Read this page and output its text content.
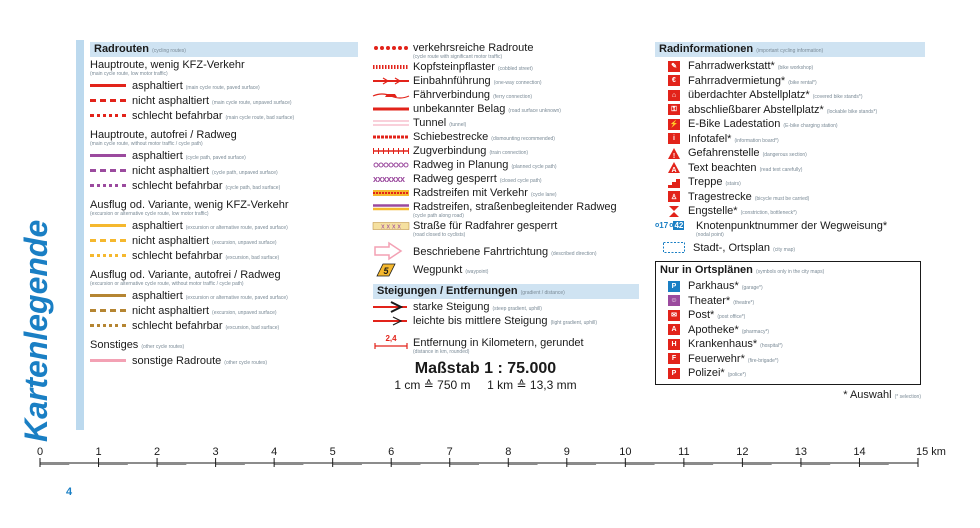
Kartenlegende
Radrouten (cycling routes)
Hauptroute, wenig KFZ-Verkehr
(main cycle route, low motor traffic)
asphaltiert (main cycle route, paved surface)
nicht asphaltiert (main cycle route, unpaved surface)
schlecht befahrbar (main cycle route, bad surface)
Hauptroute, autofrei / Radweg
(main cycle route, without motor traffic / cycle path)
asphaltiert (cycle path, paved surface)
nicht asphaltiert (cycle path, unpaved surface)
schlecht befahrbar (cycle path, bad surface)
Ausflug od. Variante, wenig KFZ-Verkehr
(excursion or alternative cycle route, low motor traffic)
asphaltiert (excursion or alternative route, paved surface)
nicht asphaltiert (excursion, unpaved surface)
schlecht befahrbar (excursion, bad surface)
Ausflug od. Variante, autofrei / Radweg
(excursion or alternative cycle route, without motor traffic / cycle path)
asphaltiert (excursion or alternative route, paved surface)
nicht asphaltiert (excursion, unpaved surface)
schlecht befahrbar (excursion, bad surface)
Sonstiges (other cycle routes)
sonstige Radroute (other cycle routes)
verkehrsreiche Radroute
(cycle route with significant motor traffic)
Kopfsteinpflaster (cobbled street)
Einbahnführung (one-way connection)
Fährverbindung (ferry connection)
unbekannter Belag (road surface unknown)
Tunnel (tunnel)
Schiebestrecke (dismounting recommended)
Zugverbindung (train connection)
Radweg in Planung (planned cycle path)
xxxxxxx Radweg gesperrt (closed cycle path)
Radstreifen mit Verkehr (cycle lane)
Radstreifen, straßenbegleitender Radweg
(cycle path along road)
x x x x Straße für Radfahrer gesperrt
(road closed to cyclists)
Beschriebene Fahrtrichtung (described direction)
5 Wegpunkt (waypoint)
Steigungen / Entfernungen (gradient / distance)
starke Steigung (steep gradient, uphill)
leichte bis mittlere Steigung (light gradient, uphill)
2,4 Entfernung in Kilometern, gerundet
(distance in km, rounded)
Maßstab 1 : 75.000
1 cm ≙ 750 m     1 km ≙ 13,3 mm
Radinformationen (important cycling information)
✎ Fahrradwerkstatt* (bike workshop)
€	Fahrradvermietung* (bike rental*)
⌂	überdachter Abstellplatz* (covered bike stands*)
⚿	abschließbarer Abstellplatz* (lockable bike stands*)
⚡ E-Bike Ladestation (E-bike charging station)
i	Infotafel* (information board*)
! Gefahrenstelle (dangerous section)
A Text beachten (read text carefully)
Treppe (stairs)
♙ Tragestrecke (bicycle must be carried)
Engstelle* (constriction, bottleneck*)
o 17 o 42 Knotenpunktnummer der Wegweisung*
(nodal point)
Stadt-, Ortsplan (city map)
Nur in Ortsplänen (symbols only in the city maps)
P	Parkhaus* (garage*)
☺ Theater* (theatre*)
✉ Post* (post office*)
A	Apotheke* (pharmacy*)
H	Krankenhaus* (hospital*)
F	Feuerwehr* (fire-brigade*)
P	Polizei* (police*)
* Auswahl (* selection)
0	1	2	3	4	5	6	7	8	9	10	11	12	13	14	15 km
4
